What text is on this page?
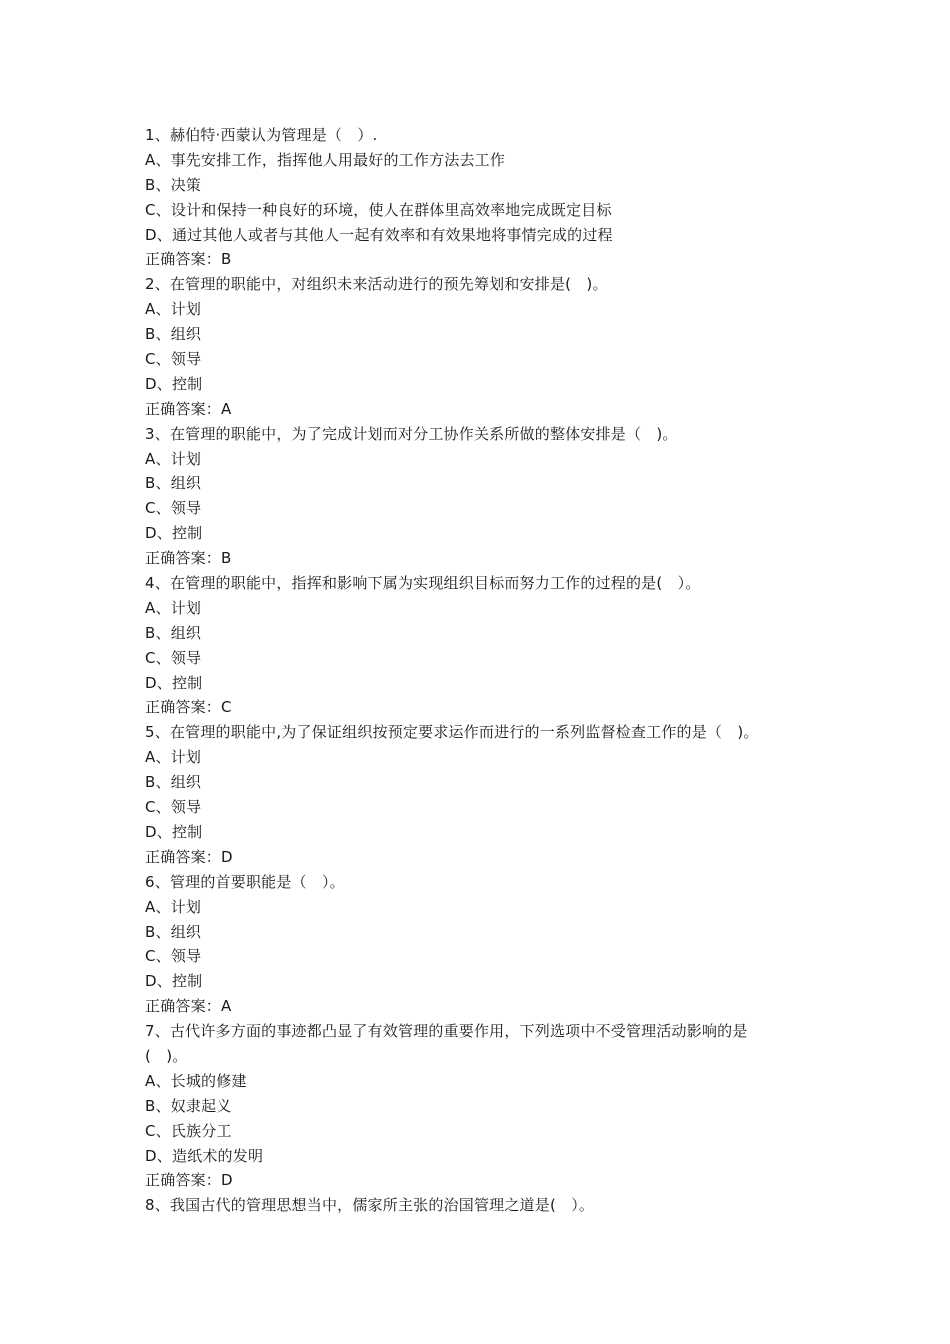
1、赫伯特·西蒙认为管理是（　）.
A、事先安排工作，指挥他人用最好的工作方法去工作
B、决策
C、设计和保持一种良好的环境，使人在群体里高效率地完成既定目标
D、通过其他人或者与其他人一起有效率和有效果地将事情完成的过程
正确答案：B
2、在管理的职能中，对组织未来活动进行的预先筹划和安排是(　)。
A、计划
B、组织
C、领导
D、控制
正确答案：A
3、在管理的职能中，为了完成计划而对分工协作关系所做的整体安排是（　)。
A、计划
B、组织
C、领导
D、控制
正确答案：B
4、在管理的职能中，指挥和影响下属为实现组织目标而努力工作的过程的是(　）。
A、计划
B、组织
C、领导
D、控制
正确答案：C
5、在管理的职能中,为了保证组织按预定要求运作而进行的一系列监督检查工作的是（　)。
A、计划
B、组织
C、领导
D、控制
正确答案：D
6、管理的首要职能是（　）。
A、计划
B、组织
C、领导
D、控制
正确答案：A
7、古代许多方面的事迹都凸显了有效管理的重要作用，下列选项中不受管理活动影响的是
(　)。
A、长城的修建
B、奴隶起义
C、氏族分工
D、造纸术的发明
正确答案：D
8、我国古代的管理思想当中，儒家所主张的治国管理之道是(　）。
